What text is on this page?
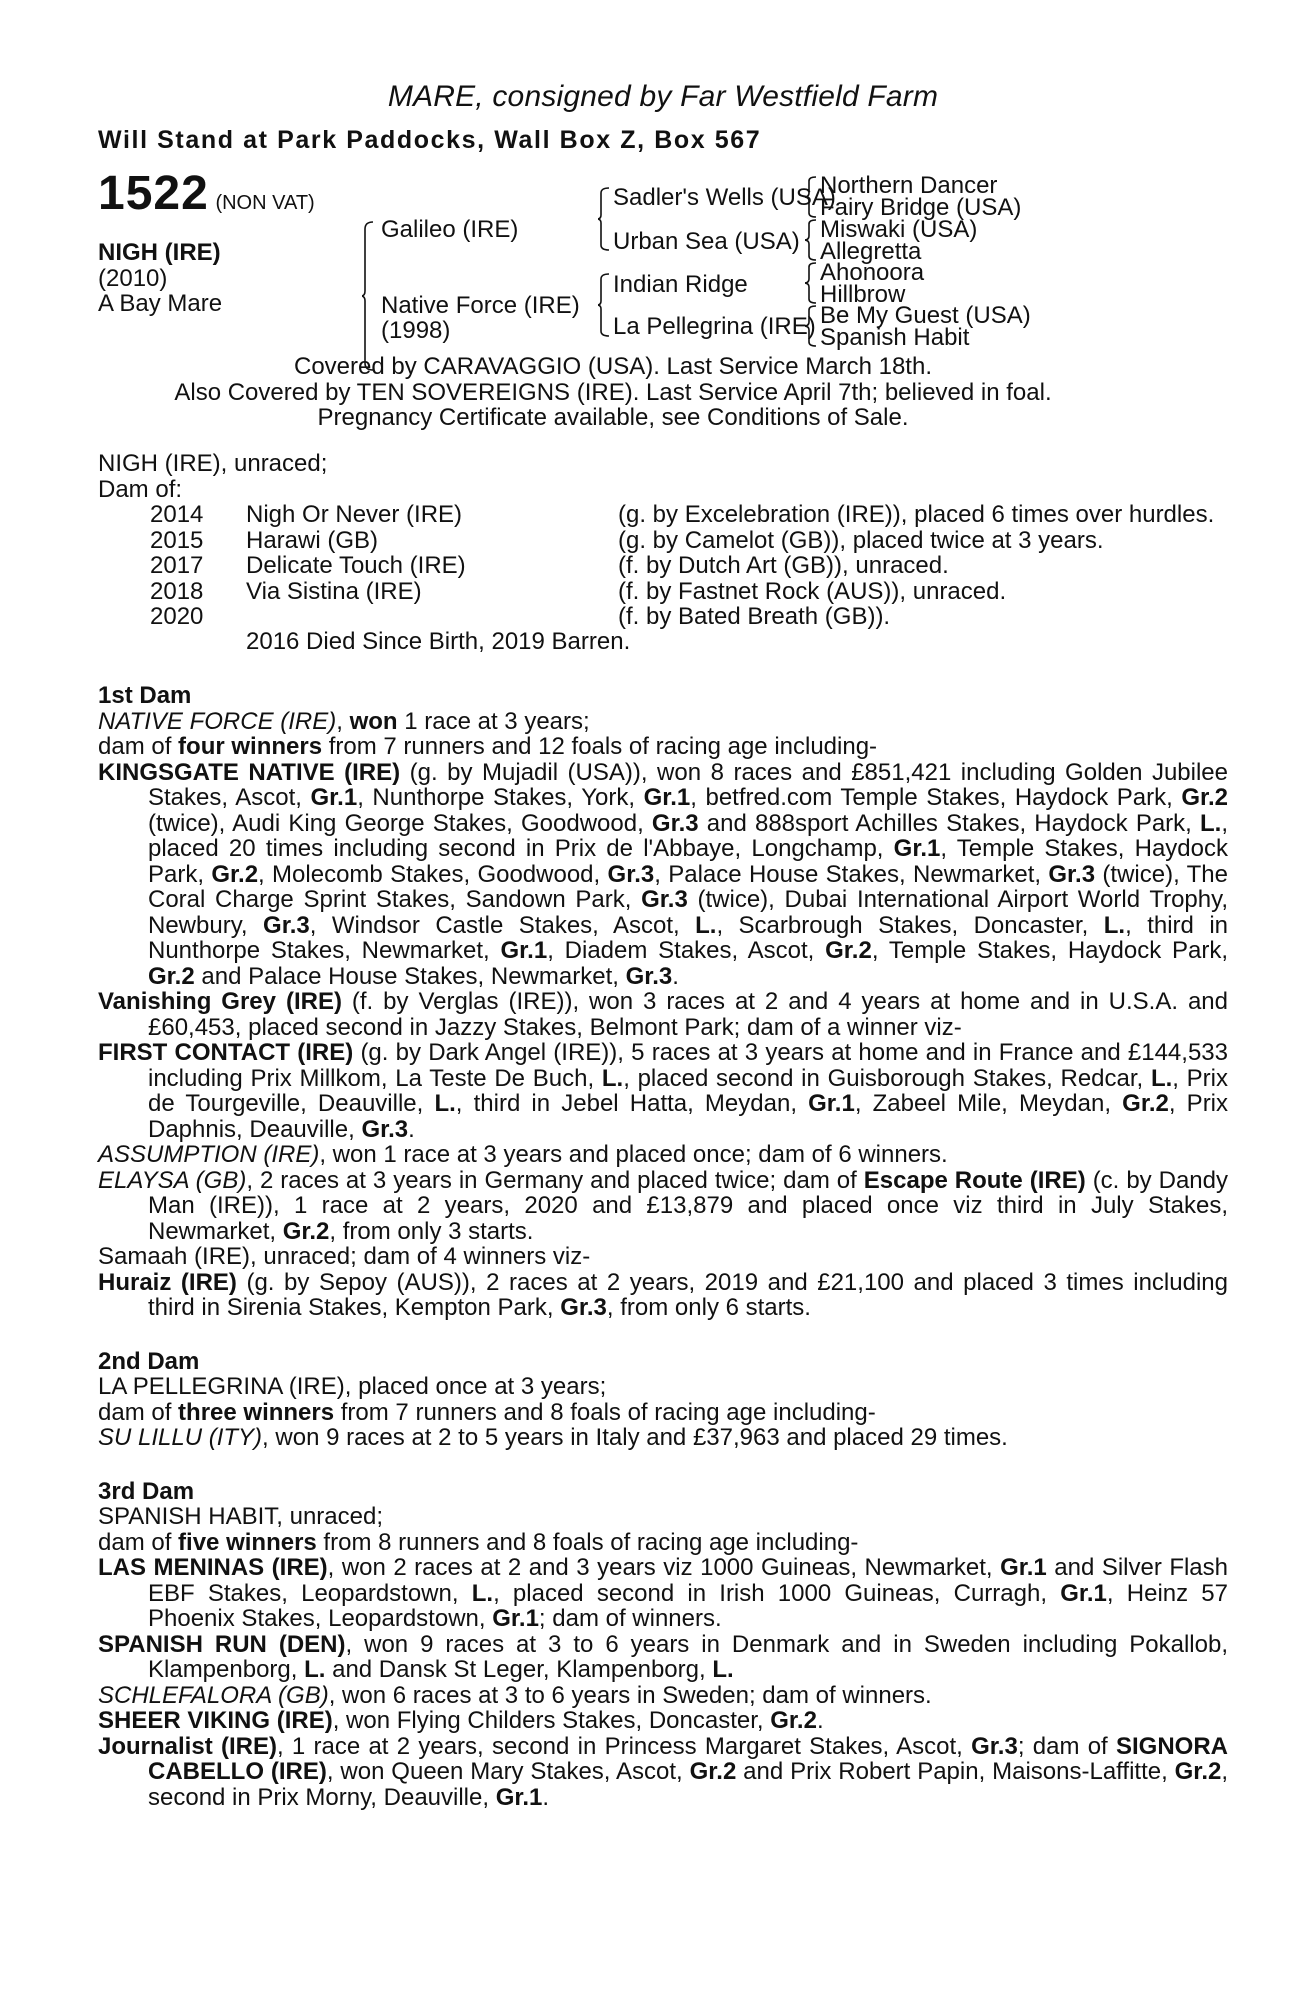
MARE, consigned by Far Westfield Farm
Will Stand at Park Paddocks, Wall Box Z, Box 567
1522 (NON VAT)
NIGH (IRE)
(2010)
A Bay Mare
Galileo (IRE)
Native Force (IRE)
(1998)
Sadler's Wells (USA)
Urban Sea (USA)
Indian Ridge
La Pellegrina (IRE)
Northern Dancer
Fairy Bridge (USA)
Miswaki (USA)
Allegretta
Ahonoora
Hillbrow
Be My Guest (USA)
Spanish Habit
Covered by CARAVAGGIO (USA). Last Service March 18th.
Also Covered by TEN SOVEREIGNS (IRE). Last Service April 7th; believed in foal.
Pregnancy Certificate available, see Conditions of Sale.
NIGH (IRE), unraced;
Dam of:
2014 Nigh Or Never (IRE)	(g. by Excelebration (IRE)), placed 6 times over hurdles.
2015 Harawi (GB)	(g. by Camelot (GB)), placed twice at 3 years.
2017 Delicate Touch (IRE)	(f. by Dutch Art (GB)), unraced.
2018 Via Sistina (IRE)	(f. by Fastnet Rock (AUS)), unraced.
2020	(f. by Bated Breath (GB)).
2016 Died Since Birth, 2019 Barren.
1st Dam
NATIVE FORCE (IRE), won 1 race at 3 years;
dam of four winners from 7 runners and 12 foals of racing age including-

KINGSGATE NATIVE (IRE) (g. by Mujadil (USA)), won 8 races and £851,421 including Golden Jubilee Stakes, Ascot, Gr.1, Nunthorpe Stakes, York, Gr.1, betfred.com Temple Stakes, Haydock Park, Gr.2 (twice), Audi King George Stakes, Goodwood, Gr.3 and 888sport Achilles Stakes, Haydock Park, L., placed 20 times including second in Prix de l'Abbaye, Longchamp, Gr.1, Temple Stakes, Haydock Park, Gr.2, Molecomb Stakes, Goodwood, Gr.3, Palace House Stakes, Newmarket, Gr.3 (twice), The Coral Charge Sprint Stakes, Sandown Park, Gr.3 (twice), Dubai International Airport World Trophy, Newbury, Gr.3, Windsor Castle Stakes, Ascot, L., Scarbrough Stakes, Doncaster, L., third in Nunthorpe Stakes, Newmarket, Gr.1, Diadem Stakes, Ascot, Gr.2, Temple Stakes, Haydock Park, Gr.2 and Palace House Stakes, Newmarket, Gr.3.

Vanishing Grey (IRE) (f. by Verglas (IRE)), won 3 races at 2 and 4 years at home and in U.S.A. and £60,453, placed second in Jazzy Stakes, Belmont Park; dam of a winner viz-

FIRST CONTACT (IRE) (g. by Dark Angel (IRE)), 5 races at 3 years at home and in France and £144,533 including Prix Millkom, La Teste De Buch, L., placed second in Guisborough Stakes, Redcar, L., Prix de Tourgeville, Deauville, L., third in Jebel Hatta, Meydan, Gr.1, Zabeel Mile, Meydan, Gr.2, Prix Daphnis, Deauville, Gr.3.

ASSUMPTION (IRE), won 1 race at 3 years and placed once; dam of 6 winners.

ELAYSA (GB), 2 races at 3 years in Germany and placed twice; dam of Escape Route (IRE) (c. by Dandy Man (IRE)), 1 race at 2 years, 2020 and £13,879 and placed once viz third in July Stakes, Newmarket, Gr.2, from only 3 starts.

Samaah (IRE), unraced; dam of 4 winners viz-

Huraiz (IRE) (g. by Sepoy (AUS)), 2 races at 2 years, 2019 and £21,100 and placed 3 times including third in Sirenia Stakes, Kempton Park, Gr.3, from only 6 starts.

2nd Dam
LA PELLEGRINA (IRE), placed once at 3 years;
dam of three winners from 7 runners and 8 foals of racing age including-

SU LILLU (ITY), won 9 races at 2 to 5 years in Italy and £37,963 and placed 29 times.

3rd Dam
SPANISH HABIT, unraced;
dam of five winners from 8 runners and 8 foals of racing age including-

LAS MENINAS (IRE), won 2 races at 2 and 3 years viz 1000 Guineas, Newmarket, Gr.1 and Silver Flash EBF Stakes, Leopardstown, L., placed second in Irish 1000 Guineas, Curragh, Gr.1, Heinz 57 Phoenix Stakes, Leopardstown, Gr.1; dam of winners.

SPANISH RUN (DEN), won 9 races at 3 to 6 years in Denmark and in Sweden including Pokallob, Klampenborg, L. and Dansk St Leger, Klampenborg, L.

SCHLEFALORA (GB), won 6 races at 3 to 6 years in Sweden; dam of winners.

SHEER VIKING (IRE), won Flying Childers Stakes, Doncaster, Gr.2.

Journalist (IRE), 1 race at 2 years, second in Princess Margaret Stakes, Ascot, Gr.3; dam of SIGNORA CABELLO (IRE), won Queen Mary Stakes, Ascot, Gr.2 and Prix Robert Papin, Maisons-Laffitte, Gr.2, second in Prix Morny, Deauville, Gr.1.
